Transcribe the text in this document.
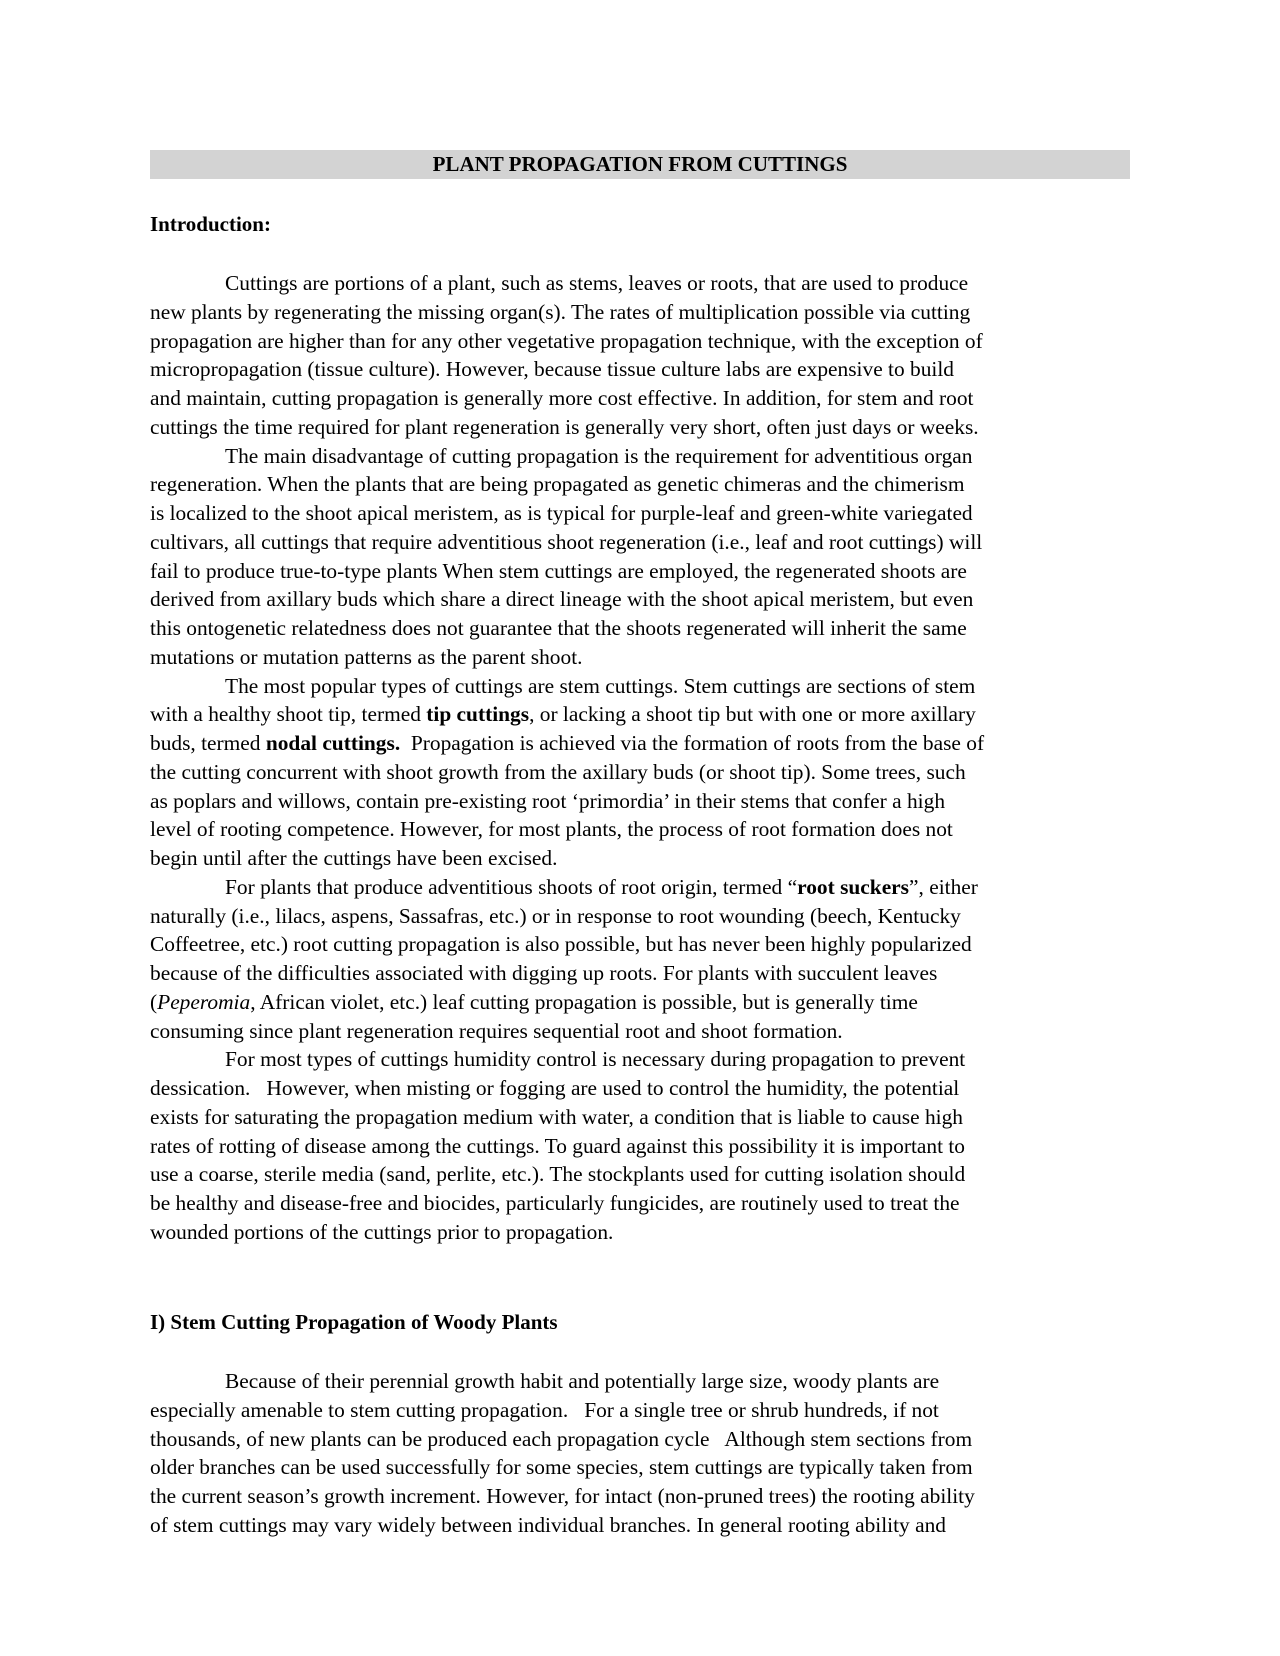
PLANT PROPAGATION FROM CUTTINGS
Introduction:
Cuttings are portions of a plant, such as stems, leaves or roots, that are used to produce
new plants by regenerating the missing organ(s). The rates of multiplication possible via cutting
propagation are higher than for any other vegetative propagation technique, with the exception of
micropropagation (tissue culture). However, because tissue culture labs are expensive to build
and maintain, cutting propagation is generally more cost effective. In addition, for stem and root
cuttings the time required for plant regeneration is generally very short, often just days or weeks.
The main disadvantage of cutting propagation is the requirement for adventitious organ
regeneration. When the plants that are being propagated as genetic chimeras and the chimerism
is localized to the shoot apical meristem, as is typical for purple-leaf and green-white variegated
cultivars, all cuttings that require adventitious shoot regeneration (i.e., leaf and root cuttings) will
fail to produce true-to-type plants When stem cuttings are employed, the regenerated shoots are
derived from axillary buds which share a direct lineage with the shoot apical meristem, but even
this ontogenetic relatedness does not guarantee that the shoots regenerated will inherit the same
mutations or mutation patterns as the parent shoot.
The most popular types of cuttings are stem cuttings. Stem cuttings are sections of stem
with a healthy shoot tip, termed tip cuttings, or lacking a shoot tip but with one or more axillary
buds, termed nodal cuttings.  Propagation is achieved via the formation of roots from the base of
the cutting concurrent with shoot growth from the axillary buds (or shoot tip). Some trees, such
as poplars and willows, contain pre-existing root ‘primordia’ in their stems that confer a high
level of rooting competence. However, for most plants, the process of root formation does not
begin until after the cuttings have been excised.
For plants that produce adventitious shoots of root origin, termed “root suckers”, either
naturally (i.e., lilacs, aspens, Sassafras, etc.) or in response to root wounding (beech, Kentucky
Coffeetree, etc.) root cutting propagation is also possible, but has never been highly popularized
because of the difficulties associated with digging up roots. For plants with succulent leaves
(Peperomia, African violet, etc.) leaf cutting propagation is possible, but is generally time
consuming since plant regeneration requires sequential root and shoot formation.
For most types of cuttings humidity control is necessary during propagation to prevent
dessication.   However, when misting or fogging are used to control the humidity, the potential
exists for saturating the propagation medium with water, a condition that is liable to cause high
rates of rotting of disease among the cuttings. To guard against this possibility it is important to
use a coarse, sterile media (sand, perlite, etc.). The stockplants used for cutting isolation should
be healthy and disease-free and biocides, particularly fungicides, are routinely used to treat the
wounded portions of the cuttings prior to propagation.
I) Stem Cutting Propagation of Woody Plants
Because of their perennial growth habit and potentially large size, woody plants are
especially amenable to stem cutting propagation.   For a single tree or shrub hundreds, if not
thousands, of new plants can be produced each propagation cycle   Although stem sections from
older branches can be used successfully for some species, stem cuttings are typically taken from
the current season’s growth increment. However, for intact (non-pruned trees) the rooting ability
of stem cuttings may vary widely between individual branches. In general rooting ability and
